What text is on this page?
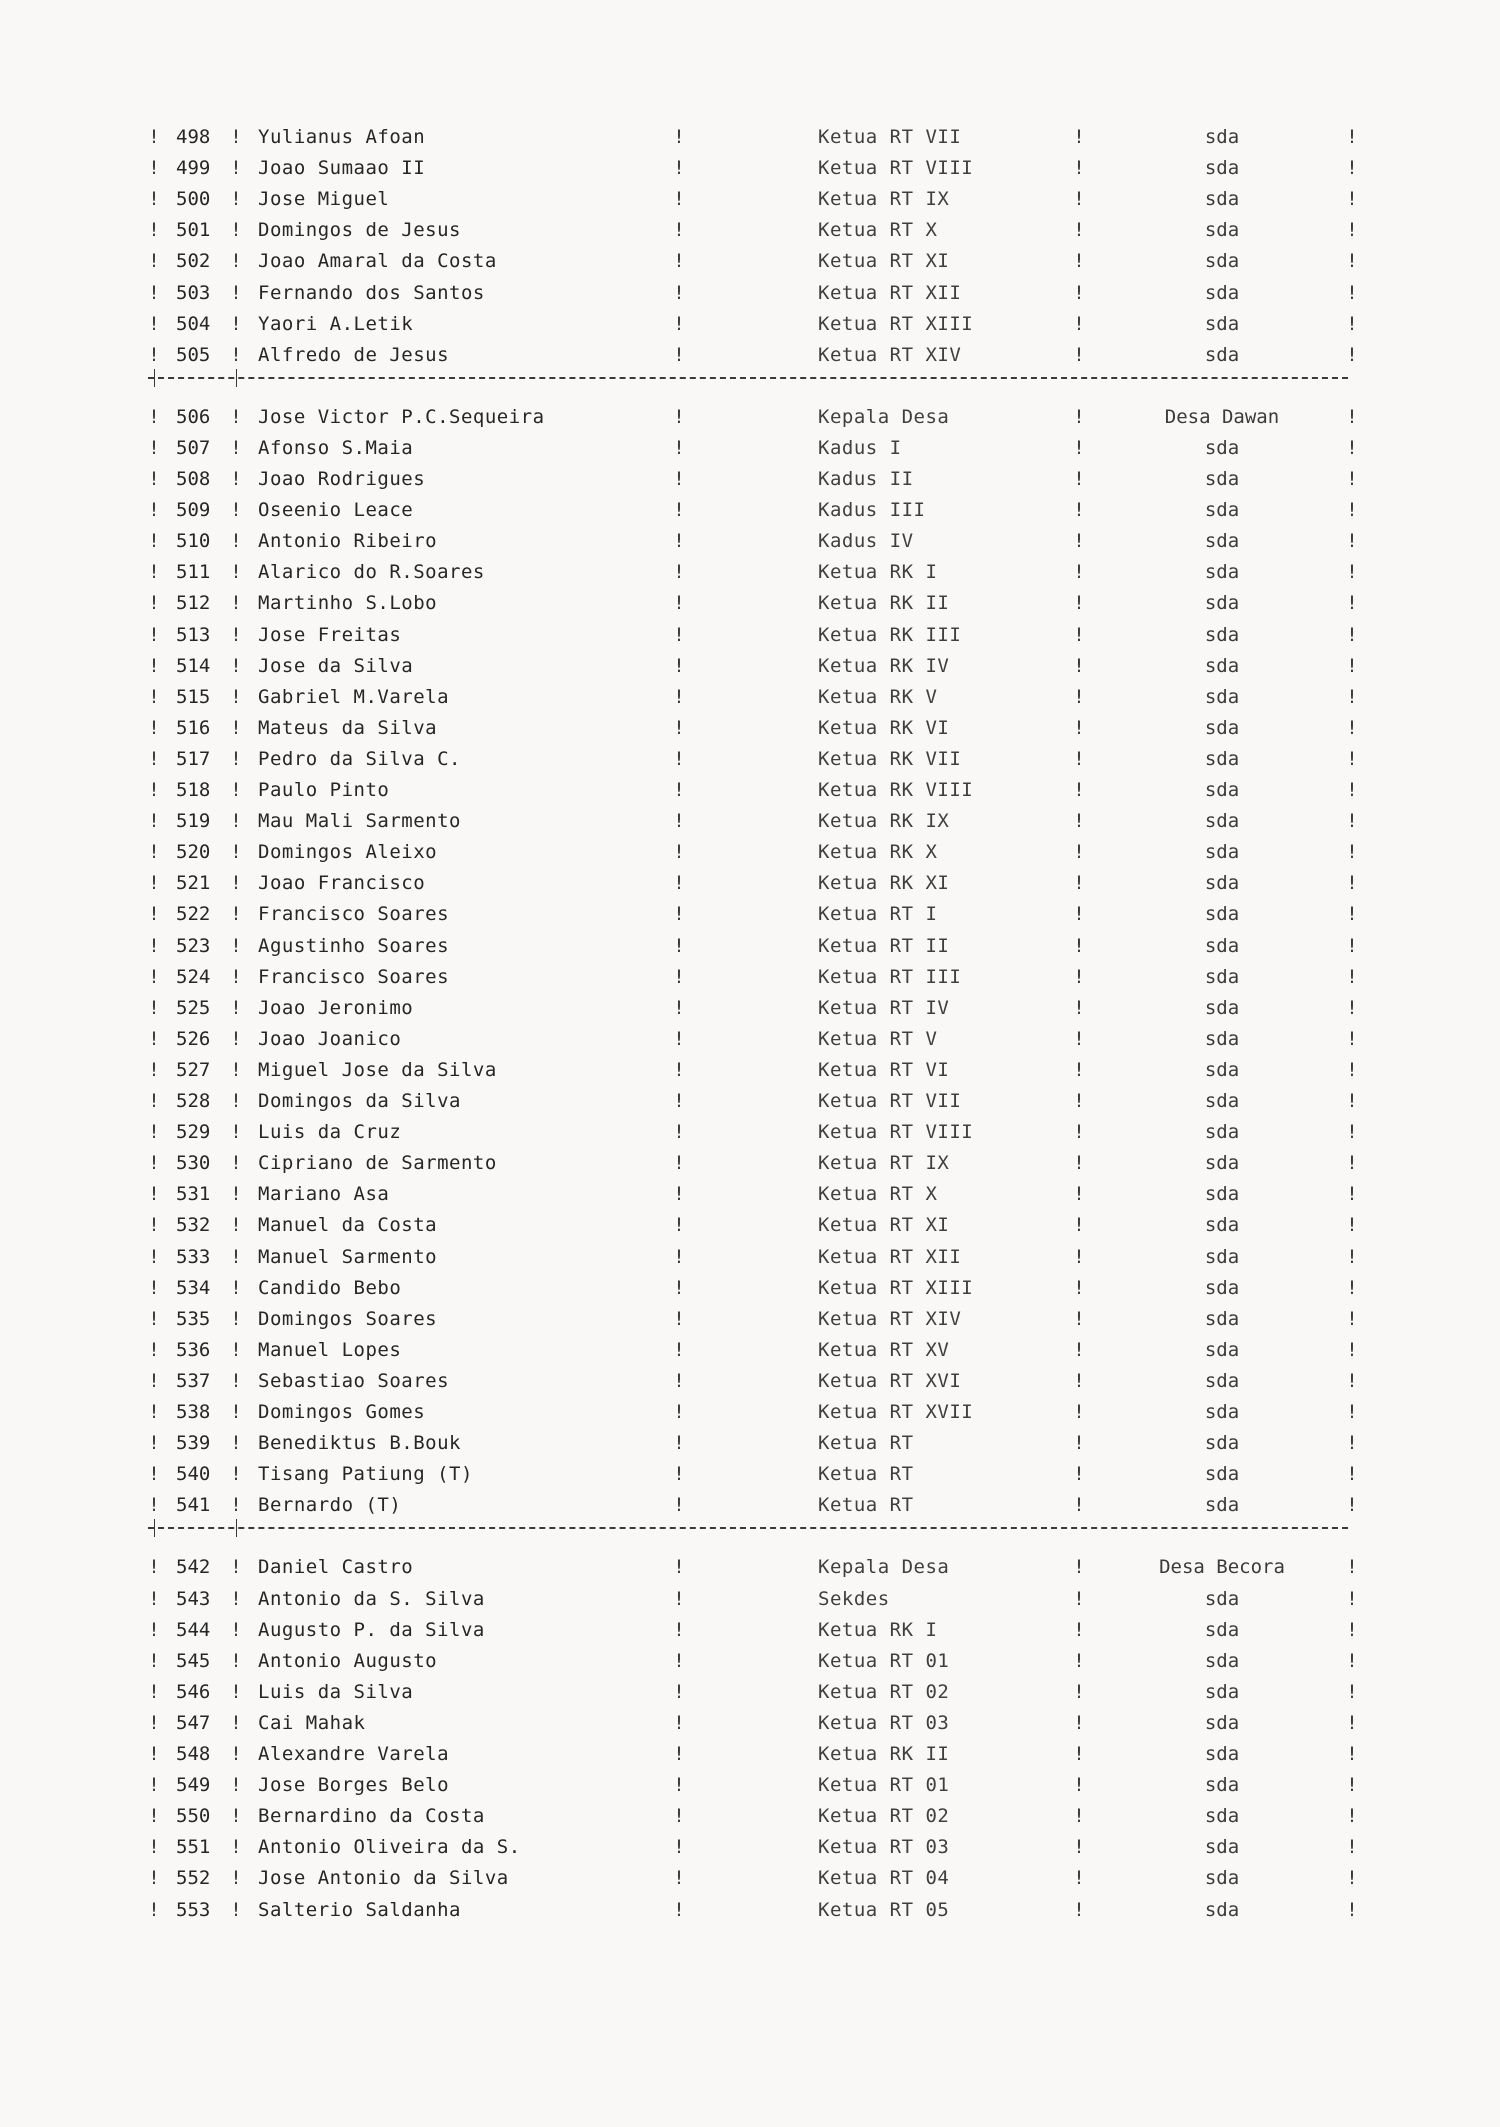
!	!	!	!	!
498	Yulianus Afoan	Ketua RT VII	sda
!	!	!	!	!
499	Joao Sumaao II	Ketua RT VIII	sda
!	!	!	!	!
500	Jose Miguel	Ketua RT IX	sda
!	!	!	!	!
501	Domingos de Jesus	Ketua RT X	sda
!	!	!	!	!
502	Joao Amaral da Costa	Ketua RT XI	sda
!	!	!	!	!
503	Fernando dos Santos	Ketua RT XII	sda
!	!	!	!	!
504	Yaori A.Letik	Ketua RT XIII	sda
!	!	!	!	!
505	Alfredo de Jesus	Ketua RT XIV	sda
!	!	!	!	!
506	Jose Victor P.C.Sequeira	Kepala Desa	Desa Dawan
!	!	!	!	!
507	Afonso S.Maia	Kadus I	sda
!	!	!	!	!
508	Joao Rodrigues	Kadus II	sda
!	!	!	!	!
509	Oseenio Leace	Kadus III	sda
!	!	!	!	!
510	Antonio Ribeiro	Kadus IV	sda
!	!	!	!	!
511	Alarico do R.Soares	Ketua RK I	sda
!	!	!	!	!
512	Martinho S.Lobo	Ketua RK II	sda
!	!	!	!	!
513	Jose Freitas	Ketua RK III	sda
!	!	!	!	!
514	Jose da Silva	Ketua RK IV	sda
!	!	!	!	!
515	Gabriel M.Varela	Ketua RK V	sda
!	!	!	!	!
516	Mateus da Silva	Ketua RK VI	sda
!	!	!	!	!
517	Pedro da Silva C.	Ketua RK VII	sda
!	!	!	!	!
518	Paulo Pinto	Ketua RK VIII	sda
!	!	!	!	!
519	Mau Mali Sarmento	Ketua RK IX	sda
!	!	!	!	!
520	Domingos Aleixo	Ketua RK X	sda
!	!	!	!	!
521	Joao Francisco	Ketua RK XI	sda
!	!	!	!	!
522	Francisco Soares	Ketua RT I	sda
!	!	!	!	!
523	Agustinho Soares	Ketua RT II	sda
!	!	!	!	!
524	Francisco Soares	Ketua RT III	sda
!	!	!	!	!
525	Joao Jeronimo	Ketua RT IV	sda
!	!	!	!	!
526	Joao Joanico	Ketua RT V	sda
!	!	!	!	!
527	Miguel Jose da Silva	Ketua RT VI	sda
!	!	!	!	!
528	Domingos da Silva	Ketua RT VII	sda
!	!	!	!	!
529	Luis da Cruz	Ketua RT VIII	sda
!	!	!	!	!
530	Cipriano de Sarmento	Ketua RT IX	sda
!	!	!	!	!
531	Mariano Asa	Ketua RT X	sda
!	!	!	!	!
532	Manuel da Costa	Ketua RT XI	sda
!	!	!	!	!
533	Manuel Sarmento	Ketua RT XII	sda
!	!	!	!	!
534	Candido Bebo	Ketua RT XIII	sda
!	!	!	!	!
535	Domingos Soares	Ketua RT XIV	sda
!	!	!	!	!
536	Manuel Lopes	Ketua RT XV	sda
!	!	!	!	!
537	Sebastiao Soares	Ketua RT XVI	sda
!	!	!	!	!
538	Domingos Gomes	Ketua RT XVII	sda
!	!	!	!	!
539	Benediktus B.Bouk	Ketua RT	sda
!	!	!	!	!
540	Tisang Patiung (T)	Ketua RT	sda
!	!	!	!	!
541	Bernardo (T)	Ketua RT	sda
!	!	!	!	!
542	Daniel Castro	Kepala Desa	Desa Becora
!	!	!	!	!
543	Antonio da S. Silva	Sekdes	sda
!	!	!	!	!
544	Augusto P. da Silva	Ketua RK I	sda
!	!	!	!	!
545	Antonio Augusto	Ketua RT 01	sda
!	!	!	!	!
546	Luis da Silva	Ketua RT 02	sda
!	!	!	!	!
547	Cai Mahak	Ketua RT 03	sda
!	!	!	!	!
548	Alexandre Varela	Ketua RK II	sda
!	!	!	!	!
549	Jose Borges Belo	Ketua RT 01	sda
!	!	!	!	!
550	Bernardino da Costa	Ketua RT 02	sda
!	!	!	!	!
551	Antonio Oliveira da S.	Ketua RT 03	sda
!	!	!	!	!
552	Jose Antonio da Silva	Ketua RT 04	sda
!	!	!	!	!
553	Salterio Saldanha	Ketua RT 05	sda
